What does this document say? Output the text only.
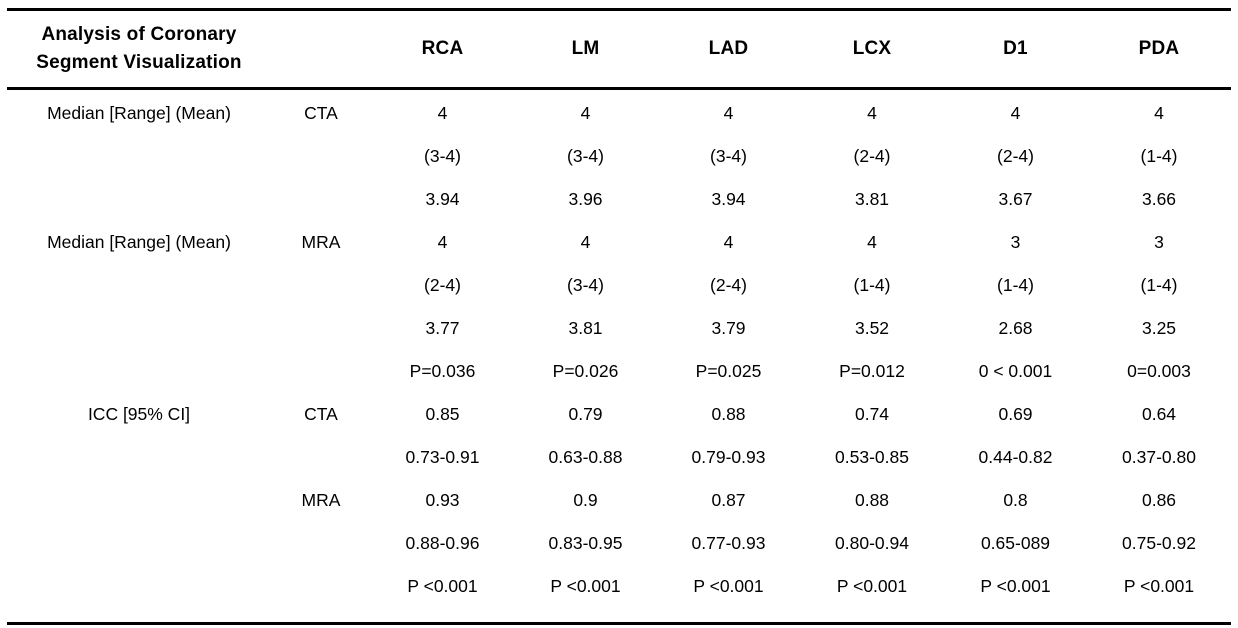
Analysis of Coronary
Segment Visualization		RCA	LM	LAD	LCX	D1	PDA
Median [Range] (Mean)	CTA	4	4	4	4	4	4
		(3-4)	(3-4)	(3-4)	(2-4)	(2-4)	(1-4)
		3.94	3.96	3.94	3.81	3.67	3.66
Median [Range] (Mean)	MRA	4	4	4	4	3	3
		(2-4)	(3-4)	(2-4)	(1-4)	(1-4)	(1-4)
		3.77	3.81	3.79	3.52	2.68	3.25
		P=0.036	P=0.026	P=0.025	P=0.012	0 < 0.001	0=0.003
ICC [95% CI]	CTA	0.85	0.79	0.88	0.74	0.69	0.64
		0.73-0.91	0.63-0.88	0.79-0.93	0.53-0.85	0.44-0.82	0.37-0.80
	MRA	0.93	0.9	0.87	0.88	0.8	0.86
		0.88-0.96	0.83-0.95	0.77-0.93	0.80-0.94	0.65-089	0.75-0.92
		P <0.001	P <0.001	P <0.001	P <0.001	P <0.001	P <0.001
